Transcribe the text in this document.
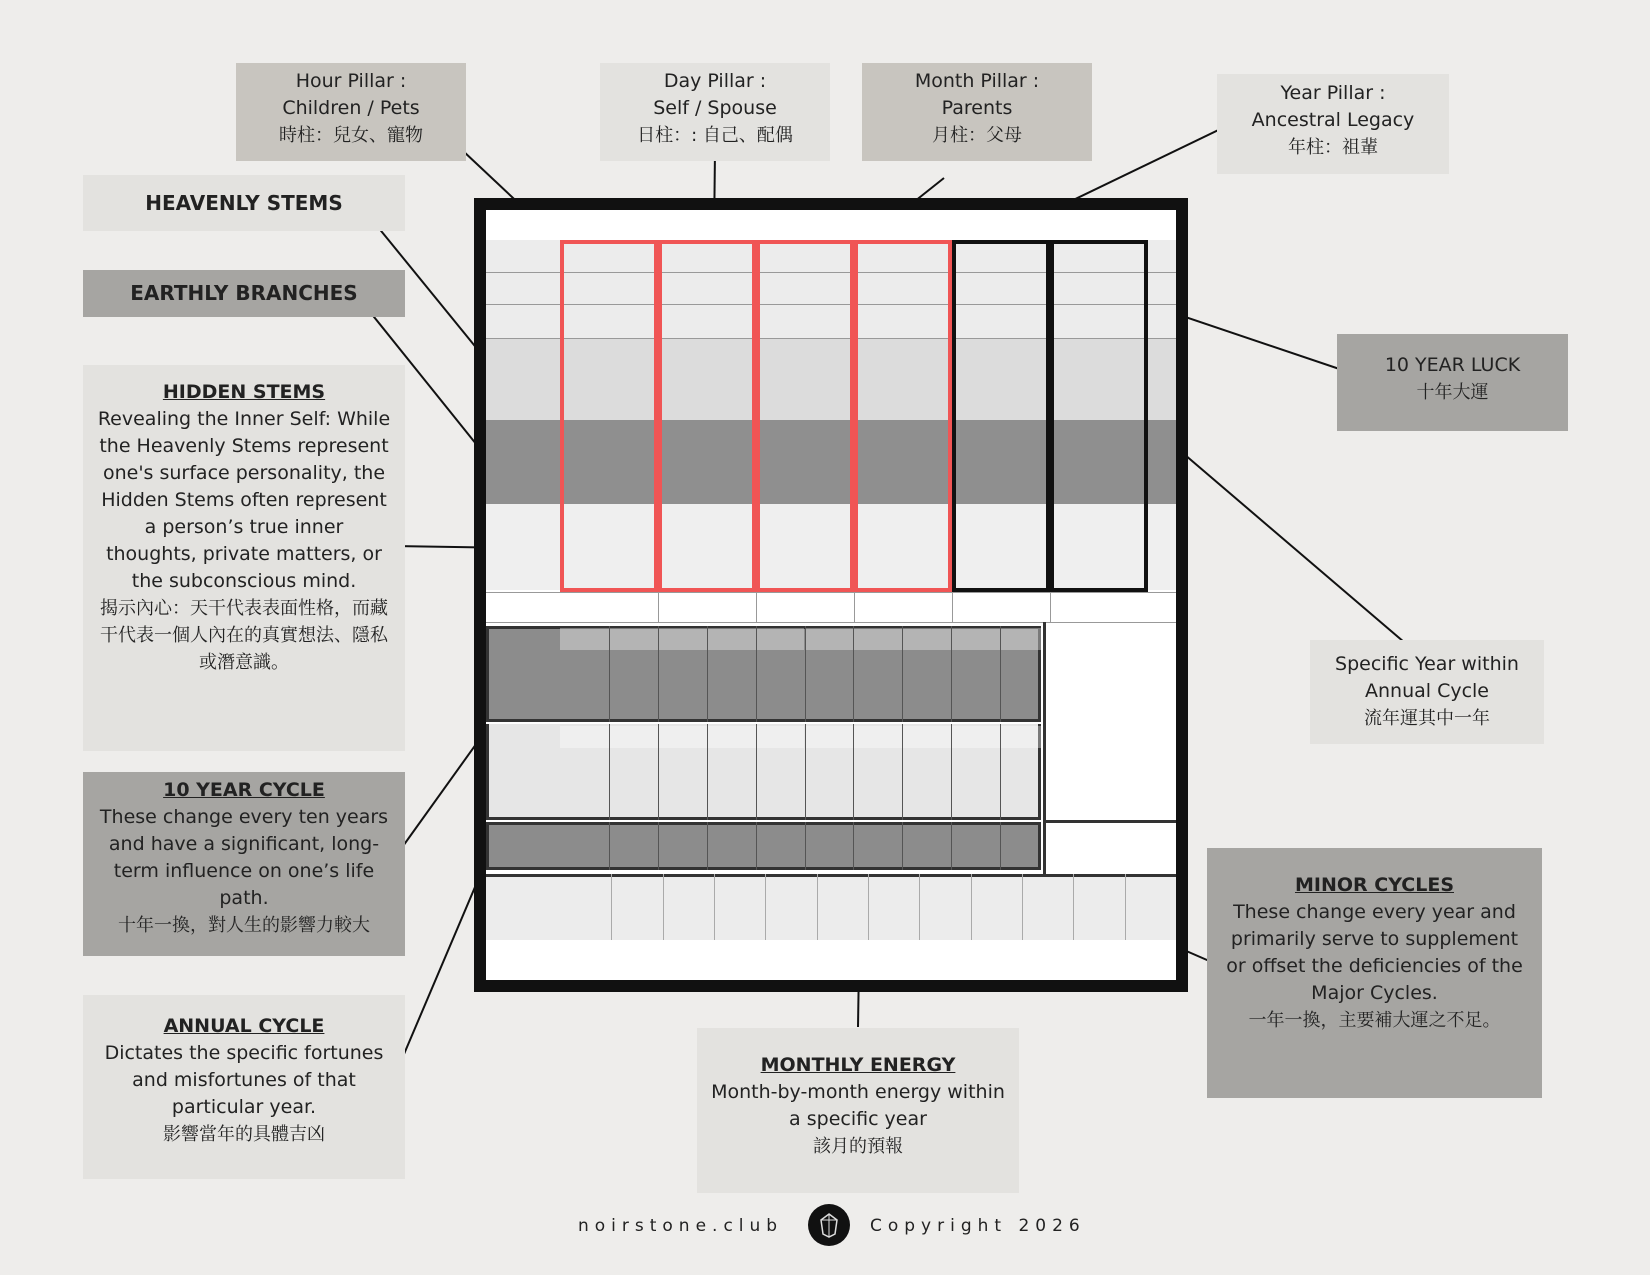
Hour Pillar :
Children / Pets
時柱：兒女、寵物
Day Pillar :
Self / Spouse
日柱：: 自己、配偶
Month Pillar :
Parents
月柱：父母
Year Pillar :
Ancestral Legacy
年柱：祖輩
HEAVENLY STEMS
EARTHLY BRANCHES
HIDDEN STEMS
Revealing the Inner Self: While the Heavenly Stems represent one's surface personality, the Hidden Stems often represent a person’s true inner thoughts, private matters, or the subconscious mind.
揭示內心：天干代表表面性格，而藏干代表一個人內在的真實想法、隱私或潛意識。
10 YEAR CYCLE
These change every ten years and have a significant, long-term influence on one’s life path.
十年一換，對人生的影響力較大
ANNUAL CYCLE
Dictates the specific fortunes and misfortunes of that particular year.
影響當年的具體吉凶
10 YEAR LUCK
十年大運
Specific Year within
Annual Cycle
流年運其中一年
MINOR CYCLES
These change every year and primarily serve to supplement or offset the deficiencies of the Major Cycles.
一年一換，主要補大運之不足。
MONTHLY ENERGY
Month-by-month energy within a specific year
該月的預報
noirstone.club	Copyright 2026
